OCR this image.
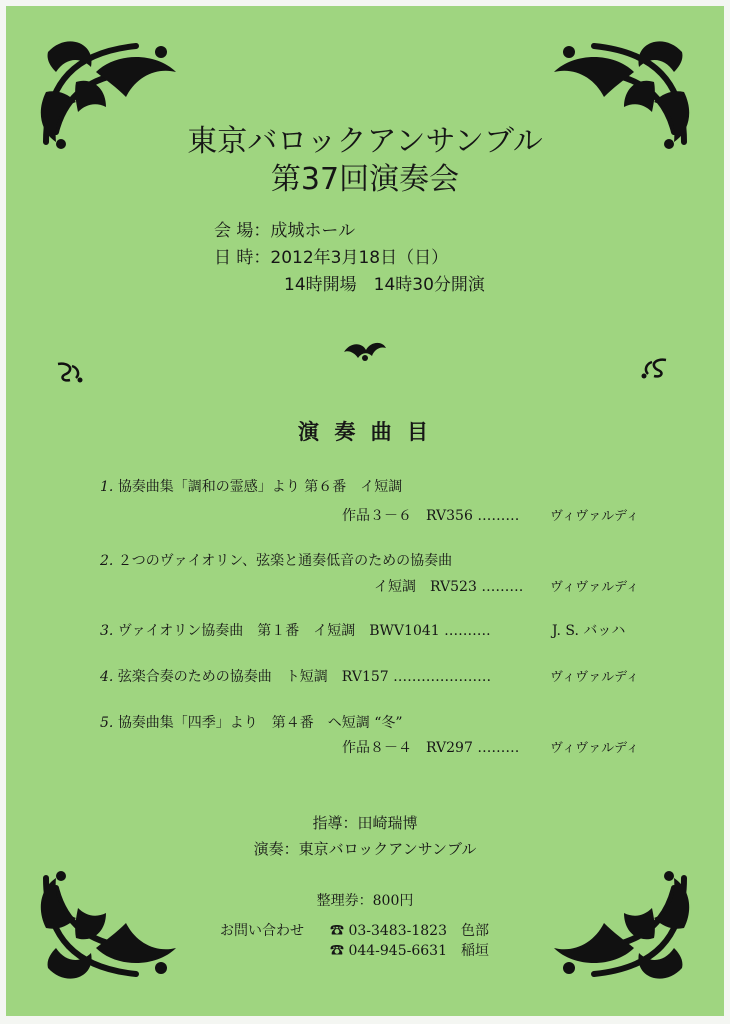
東京バロックアンサンブル
第37回演奏会
会 場：成城ホール
日 時：2012年3月18日（日）
14時開場　14時30分開演
演 奏 曲 目
1. 協奏曲集「調和の霊感」より 第６番　イ短調
作品３－６　RV356 ……… ヴィヴァルディ
2. ２つのヴァイオリン、弦楽と通奏低音のための協奏曲
イ短調　RV523 ……… ヴィヴァルディ
3. ヴァイオリン協奏曲　第１番　イ短調　BWV1041 ……….	J. S. バッハ
4. 弦楽合奏のための協奏曲　ト短調　RV157 …………………	ヴィヴァルディ
5. 協奏曲集「四季」より　第４番　ヘ短調 “冬”
作品８－４　RV297 ……… ヴィヴァルディ
指導：田崎瑞博
演奏：東京バロックアンサンブル
整理券：800円
お問い合わせ ☎ 03-3483-1823　色部
☎ 044-945-6631　稲垣
